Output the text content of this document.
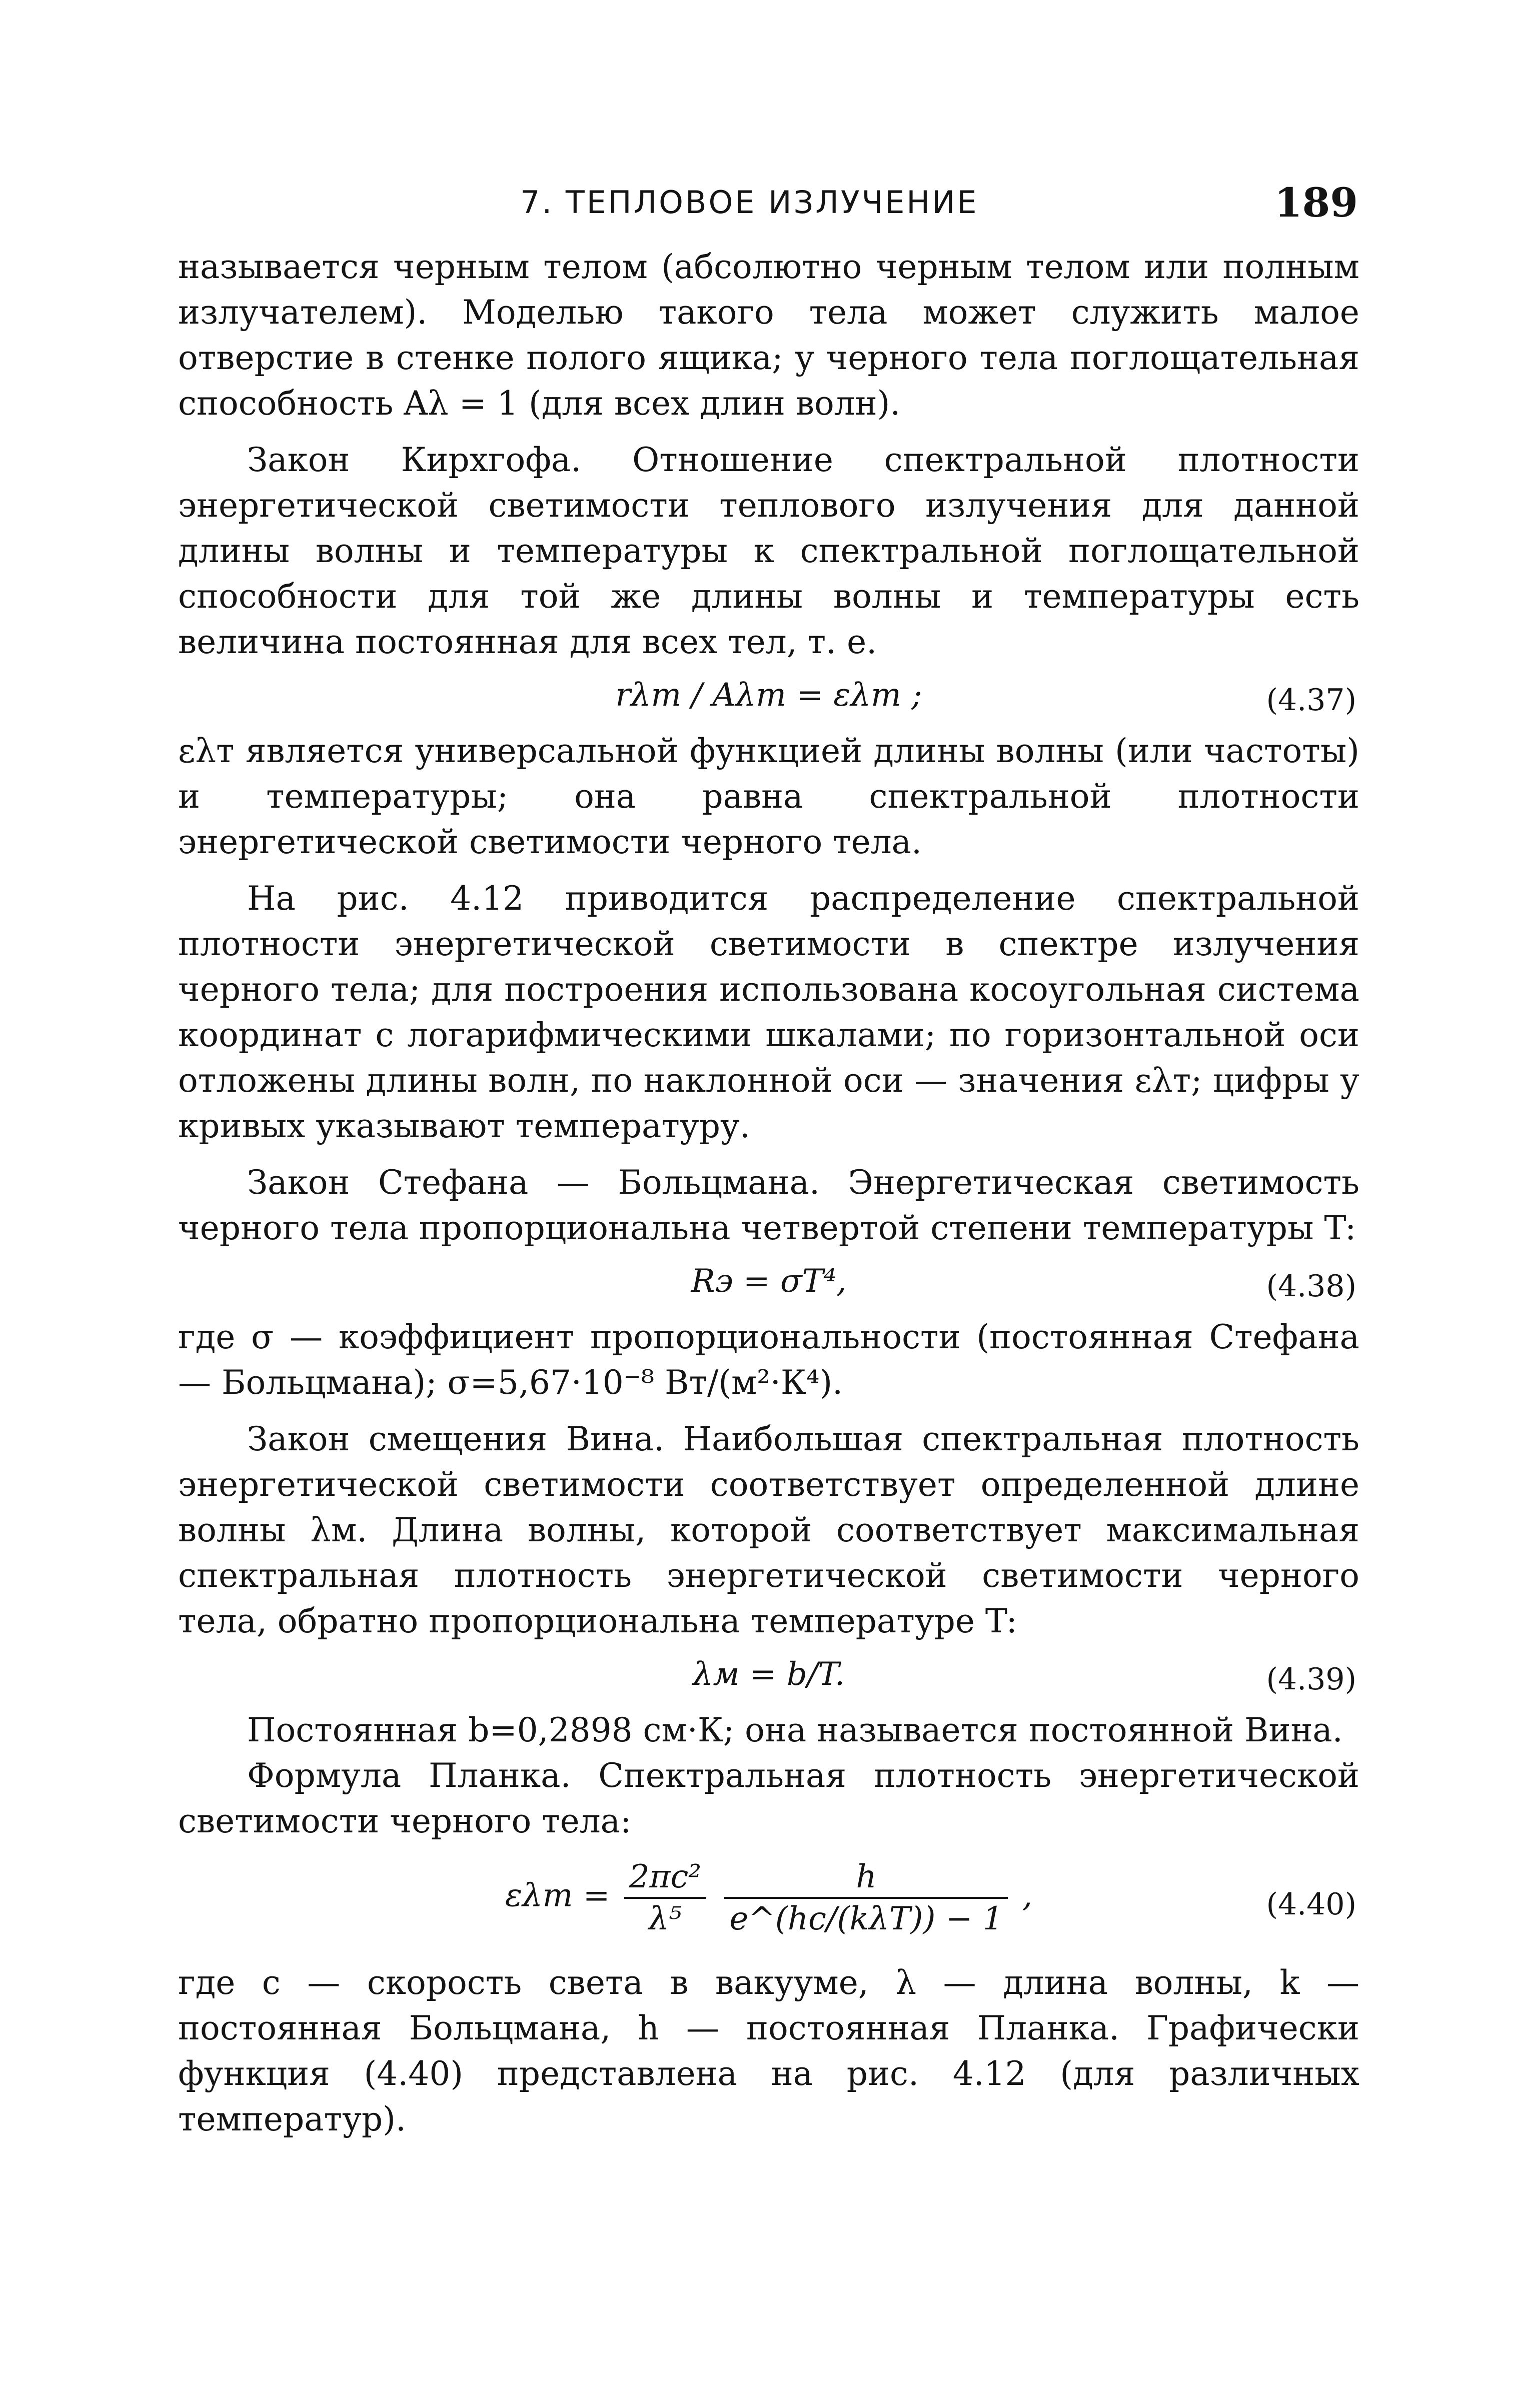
7. ТЕПЛОВОЕ ИЗЛУЧЕНИЕ	189

называется черным телом (абсолютно черным телом или полным излучателем). Моделью такого тела может служить малое отверстие в стенке полого ящика; у черного тела поглощательная способность Aλ = 1 (для всех длин волн).

Закон Кирхгофа. Отношение спектральной плотности энергетической светимости теплового излучения для данной длины волны и температуры к спектральной поглощательной способности для той же длины волны и температуры есть величина постоянная для всех тел, т. е.

rλт / Aλт = ελт ;	(4.37)

ελт является универсальной функцией длины волны (или частоты) и температуры; она равна спектральной плотности энергетической светимости черного тела.

На рис. 4.12 приводится распределение спектральной плотности энергетической светимости в спектре излучения черного тела; для построения использована косоугольная система координат с логарифмическими шкалами; по горизонтальной оси отложены длины волн, по наклонной оси — значения ελт; цифры у кривых указывают температуру.

Закон Стефана — Больцмана. Энергетическая светимость черного тела пропорциональна четвертой степени температуры T:

Rэ = σT⁴,	(4.38)

где σ — коэффициент пропорциональности (постоянная Стефана — Больцмана); σ=5,67·10⁻⁸ Вт/(м²·К⁴).

Закон смещения Вина. Наибольшая спектральная плотность энергетической светимости соответствует определенной длине волны λм. Длина волны, которой соответствует максимальная спектральная плотность энергетической светимости черного тела, обратно пропорциональна температуре T:

λм = b/T.	(4.39)

Постоянная b=0,2898 см·К; она называется постоянной Вина.

Формула Планка. Спектральная плотность энергетической светимости черного тела:

$\varepsilon\lambda т = \frac{\text{2πc²}}{\text{λ⁵}}$
$\frac{h}{\text{e\textasciicircum{}(hc/(kλT)) − 1}}$ ,	(4.40)

где c — скорость света в вакууме, λ — длина волны, k — постоянная Больцмана, h — постоянная Планка. Графически функция (4.40) представлена на рис. 4.12 (для различных температур).
